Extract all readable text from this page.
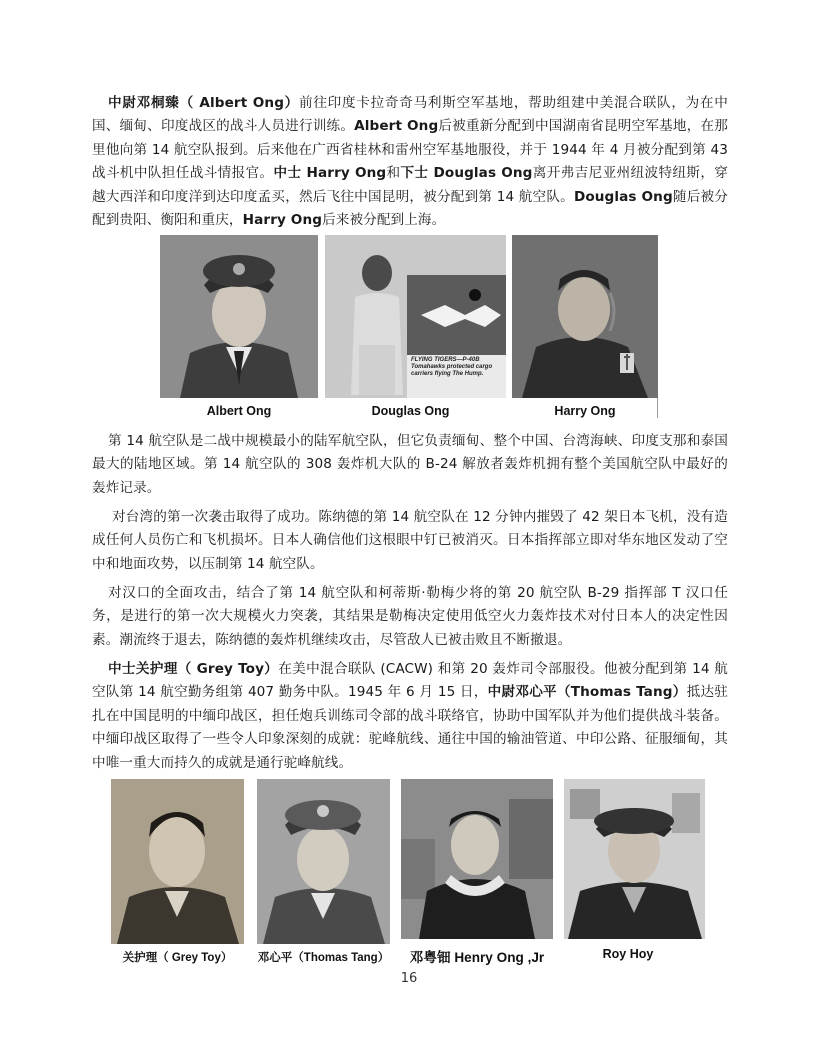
中尉邓桐臻（ Albert Ong）前往印度卡拉奇奇马利斯空军基地，帮助组建中美混合联队，为在中国、缅甸、印度战区的战斗人员进行训练。Albert Ong后被重新分配到中国湖南省昆明空军基地，在那里他向第 14 航空队报到。后来他在广西省桂林和雷州空军基地服役，并于 1944 年 4 月被分配到第 43 战斗机中队担任战斗情报官。中士 Harry Ong和下士 Douglas Ong离开弗吉尼亚州纽波特纽斯，穿越大西洋和印度洋到达印度孟买，然后飞往中国昆明，被分配到第 14 航空队。Douglas Ong随后被分配到贵阳、衡阳和重庆，Harry Ong后来被分配到上海。

FLYING TIGERS—P-40B Tomahawks protected cargo carriers flying The Hump.
Albert Ong	Douglas Ong	Harry Ong

第 14 航空队是二战中规模最小的陆军航空队，但它负责缅甸、整个中国、台湾海峡、印度支那和泰国最大的陆地区域。第 14 航空队的 308 轰炸机大队的 B-24 解放者轰炸机拥有整个美国航空队中最好的轰炸记录。

对台湾的第一次袭击取得了成功。陈纳德的第 14 航空队在 12 分钟内摧毁了 42 架日本飞机，没有造成任何人员伤亡和飞机损坏。日本人确信他们这根眼中钉已被消灭。日本指挥部立即对华东地区发动了空中和地面攻势，以压制第 14 航空队。

对汉口的全面攻击，结合了第 14 航空队和柯蒂斯·勒梅少将的第 20 航空队 B-29 指挥部 T 汉口任务，是进行的第一次大规模火力突袭，其结果是勒梅决定使用低空火力轰炸技术对付日本人的决定性因素。潮流终于退去，陈纳德的轰炸机继续攻击，尽管敌人已被击败且不断撤退。

中士关护理（ Grey Toy）在美中混合联队 (CACW) 和第 20 轰炸司令部服役。他被分配到第 14 航空队第 14 航空勤务组第 407 勤务中队。1945 年 6 月 15 日，中尉邓心平（Thomas Tang）抵达驻扎在中国昆明的中缅印战区，担任炮兵训练司令部的战斗联络官，协助中国军队并为他们提供战斗装备。中缅印战区取得了一些令人印象深刻的成就：驼峰航线、通往中国的输油管道、中印公路、征服缅甸，其中唯一重大而持久的成就是通行驼峰航线。

关护理（ Grey Toy）	邓心平（Thomas Tang）	邓粤钿 Henry Ong ,Jr	Roy Hoy
16
